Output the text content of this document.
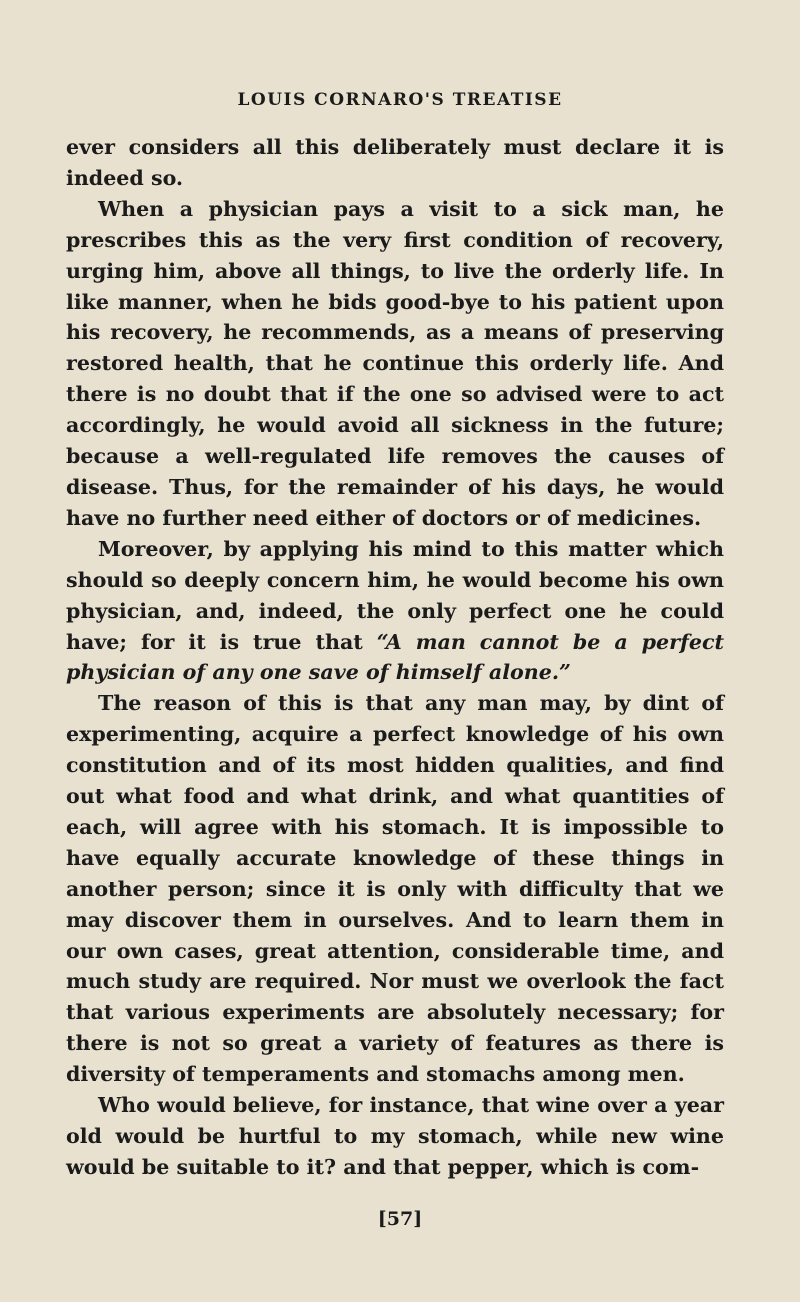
LOUIS CORNARO'S TREATISE

ever considers all this deliberately must declare it is indeed so.

When a physician pays a visit to a sick man, he prescribes this as the very first condition of recovery, urging him, above all things, to live the orderly life. In like manner, when he bids good-bye to his patient upon his recovery, he recommends, as a means of preserving restored health, that he continue this orderly life. And there is no doubt that if the one so advised were to act accordingly, he would avoid all sickness in the future; because a well-regulated life removes the causes of disease. Thus, for the remainder of his days, he would have no further need either of doctors or of medicines.

Moreover, by applying his mind to this matter which should so deeply concern him, he would become his own physician, and, indeed, the only perfect one he could have; for it is true that “A man cannot be a perfect physician of any one save of himself alone.”

The reason of this is that any man may, by dint of experimenting, acquire a perfect knowledge of his own constitution and of its most hidden qualities, and find out what food and what drink, and what quantities of each, will agree with his stomach. It is impossible to have equally accurate knowledge of these things in another person; since it is only with difficulty that we may discover them in ourselves. And to learn them in our own cases, great attention, considerable time, and much study are required. Nor must we overlook the fact that various experiments are absolutely necessary; for there is not so great a variety of features as there is diversity of temperaments and stomachs among men.

Who would believe, for instance, that wine over a year old would be hurtful to my stomach, while new wine would be suitable to it? and that pepper, which is com-

[57]
